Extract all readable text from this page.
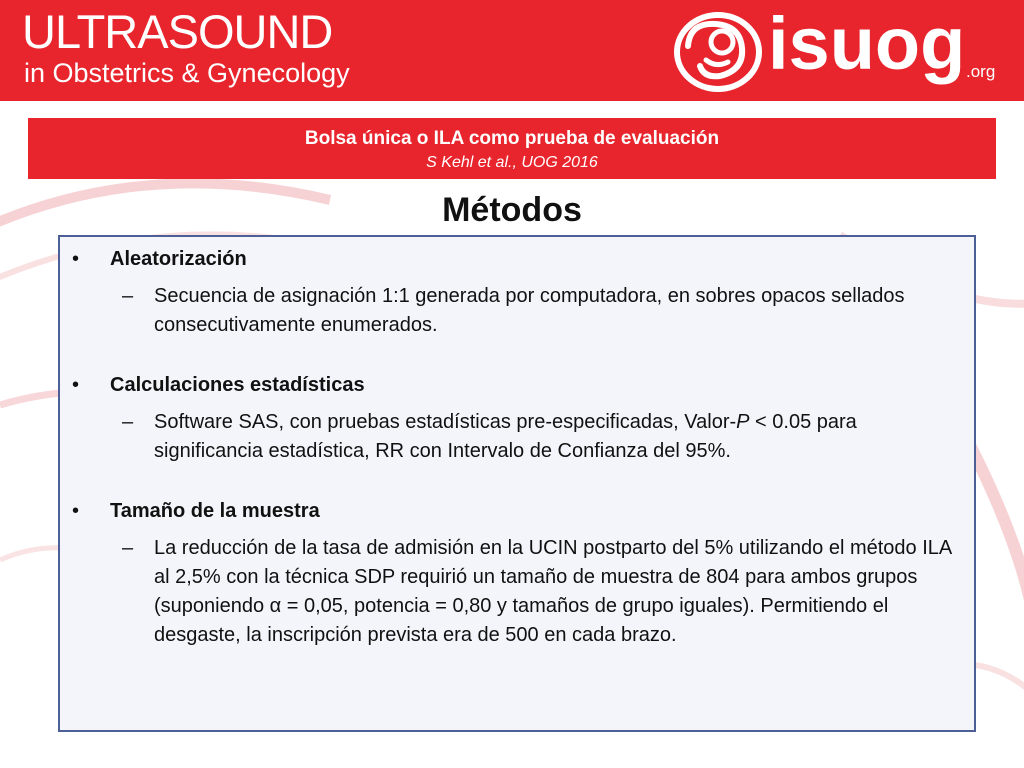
ULTRASOUND
in Obstetrics & Gynecology	isuog .org
Bolsa única o ILA como prueba de evaluación
S Kehl et al., UOG 2016
Métodos
• Aleatorización
– Secuencia de asignación 1:1 generada por computadora, en sobres opacos sellados consecutivamente enumerados.
• Calculaciones estadísticas
– Software SAS, con pruebas estadísticas pre-especificadas, Valor-P < 0.05 para significancia estadística, RR con Intervalo de Confianza del 95%.
• Tamaño de la muestra
– La reducción de la tasa de admisión en la UCIN postparto del 5% utilizando el método ILA al 2,5% con la técnica SDP requirió un tamaño de muestra de 804 para ambos grupos (suponiendo α = 0,05, potencia = 0,80 y tamaños de grupo iguales). Permitiendo el desgaste, la inscripción prevista era de 500 en cada brazo.
